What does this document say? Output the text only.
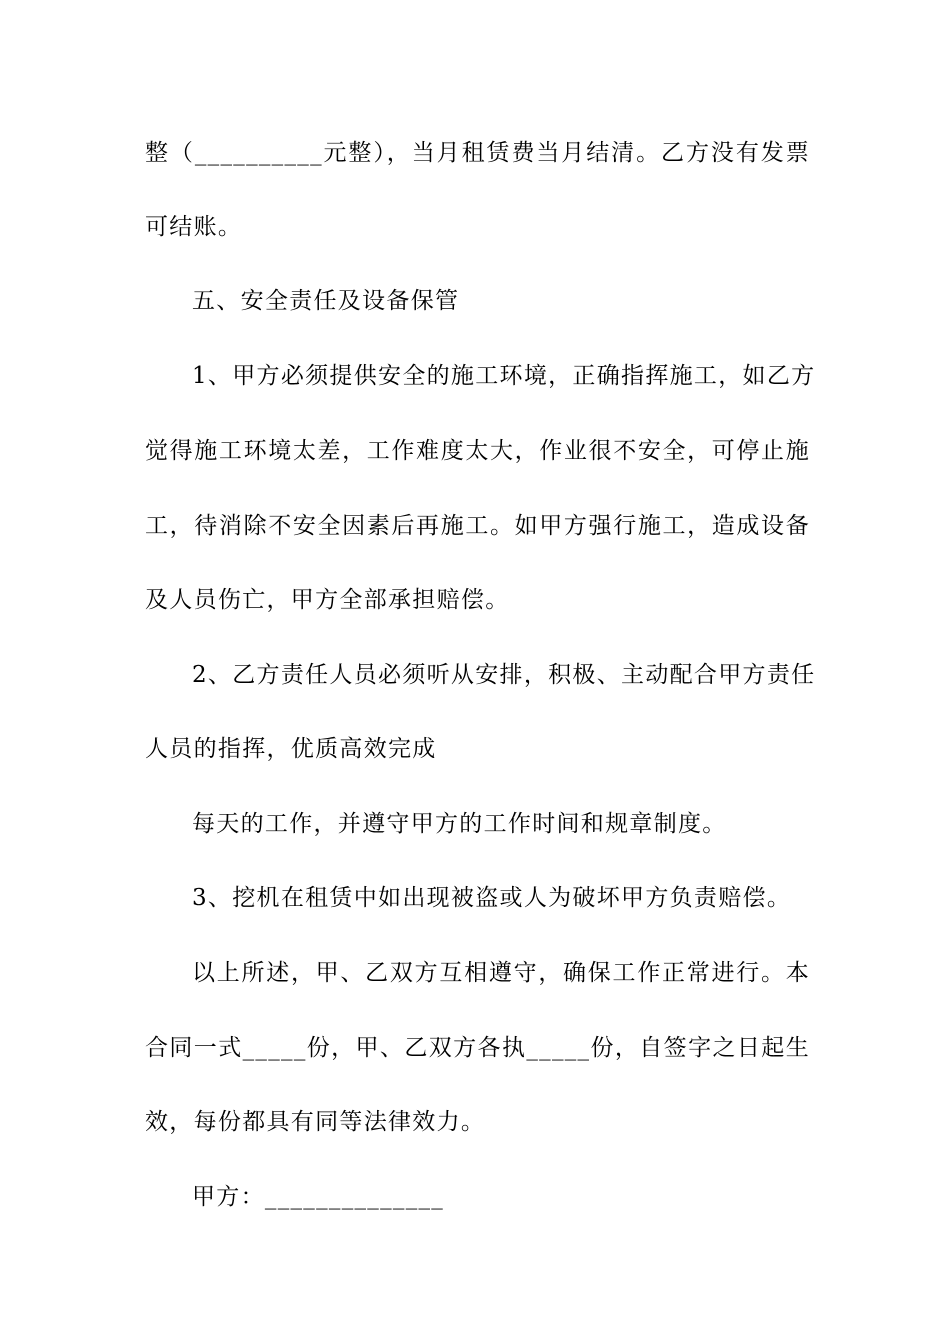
整（__________元整），当月租赁费当月结清。乙方没有发票
可结账。
五、安全责任及设备保管
1、甲方必须提供安全的施工环境，正确指挥施工，如乙方
觉得施工环境太差，工作难度太大，作业很不安全，可停止施
工，待消除不安全因素后再施工。如甲方强行施工，造成设备
及人员伤亡，甲方全部承担赔偿。
2、乙方责任人员必须听从安排，积极、主动配合甲方责任
人员的指挥，优质高效完成
每天的工作，并遵守甲方的工作时间和规章制度。
3、挖机在租赁中如出现被盗或人为破坏甲方负责赔偿。
以上所述，甲、乙双方互相遵守，确保工作正常进行。本
合同一式_____份，甲、乙双方各执_____份，自签字之日起生
效，每份都具有同等法律效力。
甲方：______________
